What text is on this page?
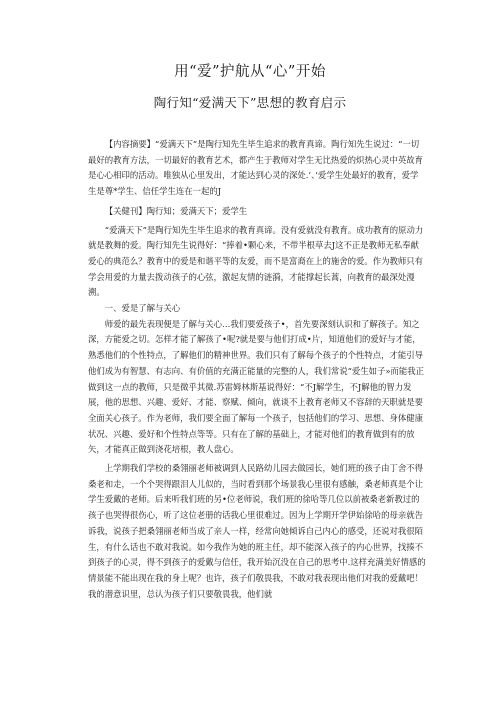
用“爱”护航从“心”开始
陶行知“爱满天下”思想的教育启示

【内容摘要】“爱满天下”是陶行知先生毕生追求的教育真谛。陶行知先生说过：“一切最好的教育方法，一切最好的教育艺术，都产生于教师对学生无比热爱的炽热心灵中英故育是心心相印的活动。唯独从心里发出，才能达到心灵的深处.’、’爱学生处最好的教育，爱学生是尊*学生、信任学生连在一起的J

【关健刊】陶行知；爱满天下；爱学生

“爱满天下”是陶行知先生毕生追求的教育真谛。没有爱就没有教育。成功教育的原动力就是教舞的爱。陶行知先生说得好：“捧着•颗心来，不带半根草去J这不正是教师无私奉献爱心的典范么？教育中的爱是和谐平等的友爱，而不是富裔在上的施舍的爱。作为教师只有学会用爱的力量去拨动孩子的心弦，激起友情的涟漪，才能撑起长蒿，向教育的最深处漫溯。

一、爱是了解与关心

师爱的最先表现便是了解与关心…我们要爱孩子•，首先要深刻认识和了解孩子。知之深，方能爱之切。怎样才能了解孩了•呢?就是要与他们打成•片，知道他们的爱好与才能，熟悉他们的个性特点，了解他们的精神世界。我们只有了解每个孩子的个性特点，才能引导他们成为有智慧、有志向、有价值的充满正能量的完整的人，我们常说“爱生如子»而能我正做到这一点的教师，只是微乎其微.苏雷姆林斯基说得好：“不J解学生，不J解他的智力发展，他的思想、兴趣、爱好、才能、察赋、倾向，就谈不上教育老师又不容辞的天职就是要全面关心孩子。作为老师，我们要全面了解每一个孩子，包括他们的学习、思想、身体健康状况、兴趣、爱好和个性特点等等。只有在了解的基础上，才能对他们的教育做到有的放矢，才能真正做到浇花培根，教人盘心。

上学期我们学校的桑翎丽老师被调到人民路幼儿园去做园长，她们班的孩子由丁舍不得桑老和走，一个个哭得跟泪人儿似的，当时看到那个场景我心里很有感触，桑老师真是个让学生爱戴的老师。后来听我们班的另•位老师说，我们班的徐哈等几位以前被桑老新教过的孩子也哭得很伤心，听了这位老册的话我心里很难过。因为上学期开学伊始徐哈的母亲就告诉我，说孩子把桑翎丽老师当成了亲人一样，经常向她倾诉自己内心的感受，还说对我很陌生，有什么话也不敢对我说。如今我作为她的班主任，却不能深入孩子的内心世界，找揍不到孩子的心灵，得不到孩子的爱戴与信任，我开始沉没在自己的思考中.这样充满美好情感的情景能不能出现在我的身上呢？也许，孩子们敬畏我，不敢对我表现出他们对我的爱戴吧！我的潜意识里，总认为孩子们只要敬畏我，他们就
